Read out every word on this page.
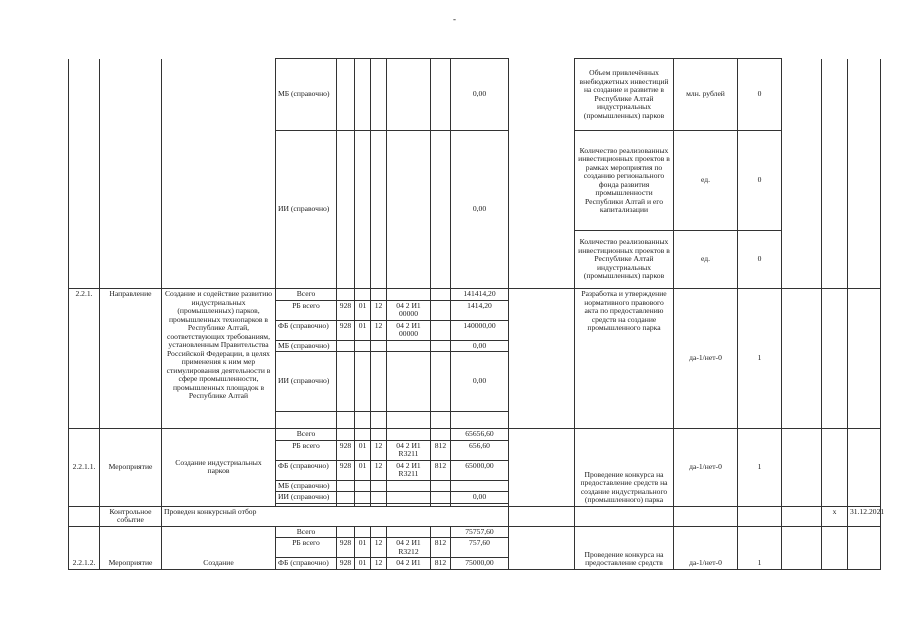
-
			МБ (справочно)						0,00		Объем привлечённых внебюджетных инвестиций на создание и развитие в Республике Алтай индустриальных (промышленных) парков	млн. рублей	0			
			ИИ (справочно)						0,00		Количество реализованных инвестиционных проектов в рамках мероприятия по созданию регионального фонда развития промышленности Республики Алтай и его капитализации	ед.	0			
											Количество реализованных инвестиционных проектов в Республике Алтай индустриальных (промышленных) парков	ед.	0			
2.2.1.	Направление	Создание и содействие развитию индустриальных (промышленных) парков, промышленных технопарков в Республике Алтай, соответствующих требованиям, установленным Правительства Российской Федерации, в целях применения к ним мер стимулирования деятельности в сфере промышленности, промышленных площадок в Республике Алтай	Всего						141414,20		Разработка и утверждение нормативного правового акта по предоставлению средств на создание промышленного парка	да-1/нет-0	1			
			РБ всего	928	01	12	04 2 И1 00000		1414,20							
			ФБ (справочно)	928	01	12	04 2 И1 00000		140000,00							
			МБ (справочно)						0,00							
			ИИ (справочно)						0,00							

2.2.1.1.	Мероприятие	Создание индустриальных парков	Всего						65656,60		Проведение конкурса на предоставление средств на создание индустриального (промышленного) парка	да-1/нет-0	1			
			РБ всего	928	01	12	04 2 И1 R3211	812	656,60							
			ФБ (справочно)	928	01	12	04 2 И1 R3211	812	65000,00							
			МБ (справочно)													
			ИИ (справочно)						0,00							

	Контрольное событие	Проведен конкурсный отбор													х	31.12.2021
2.2.1.2.	Мероприятие	Создание	Всего						75757,60		Проведение конкурса на предоставление средств	да-1/нет-0	1			
			РБ всего	928	01	12	04 2 И1 R3212	812	757,60							
			ФБ (справочно)	928	01	12	04 2 И1	812	75000,00							
